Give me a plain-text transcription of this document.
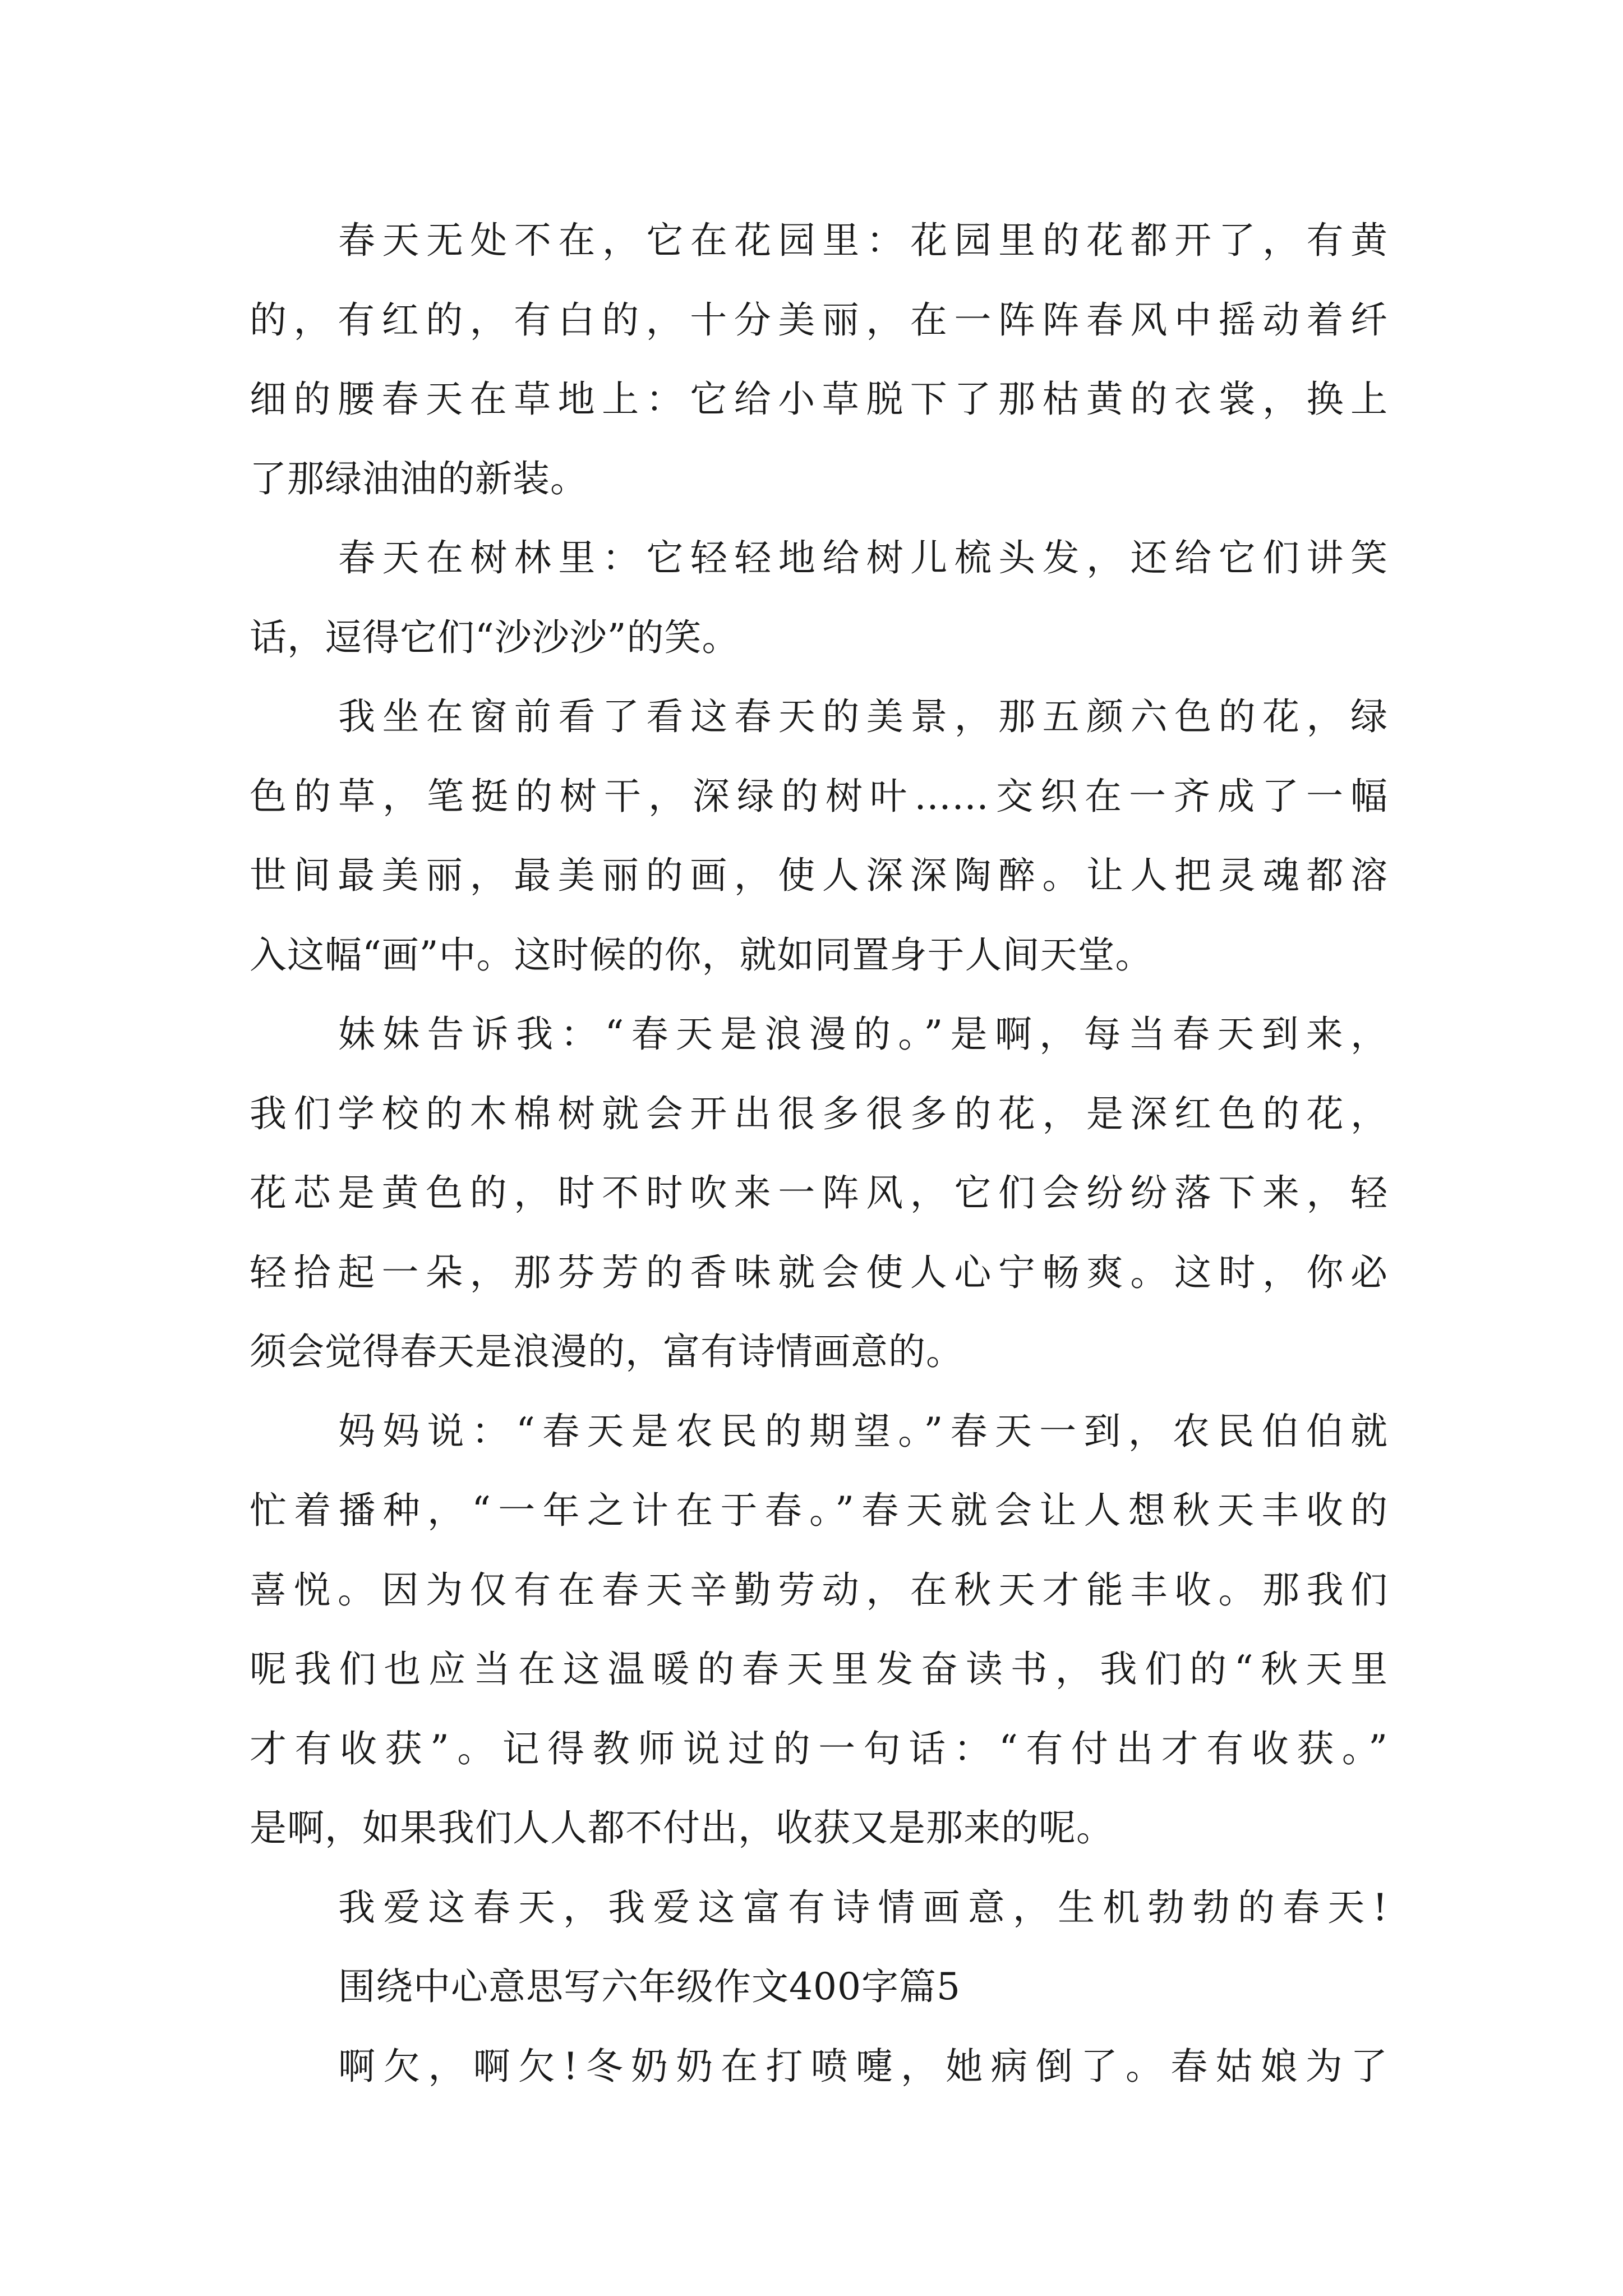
春天无处不在，它在花园里：花园里的花都开了，有黄
的，有红的，有白的，十分美丽，在一阵阵春风中摇动着纤
细的腰春天在草地上：它给小草脱下了那枯黄的衣裳，换上
了那绿油油的新装。
春天在树林里：它轻轻地给树儿梳头发，还给它们讲笑
话，逗得它们“沙沙沙”的笑。
我坐在窗前看了看这春天的美景，那五颜六色的花，绿
色的草，笔挺的树干，深绿的树叶……交织在一齐成了一幅
世间最美丽，最美丽的画，使人深深陶醉。让人把灵魂都溶
入这幅“画”中。这时候的你，就如同置身于人间天堂。
妹妹告诉我：“春天是浪漫的。”是啊，每当春天到来，
我们学校的木棉树就会开出很多很多的花，是深红色的花，
花芯是黄色的，时不时吹来一阵风，它们会纷纷落下来，轻
轻拾起一朵，那芬芳的香味就会使人心宁畅爽。这时，你必
须会觉得春天是浪漫的，富有诗情画意的。
妈妈说：“春天是农民的期望。”春天一到，农民伯伯就
忙着播种，“一年之计在于春。”春天就会让人想秋天丰收的
喜悦。因为仅有在春天辛勤劳动，在秋天才能丰收。那我们
呢我们也应当在这温暖的春天里发奋读书，我们的“秋天里
才有收获”。记得教师说过的一句话：“有付出才有收获。”
是啊，如果我们人人都不付出，收获又是那来的呢。
我爱这春天，我爱这富有诗情画意，生机勃勃的春天!
围绕中心意思写六年级作文400字篇5
啊欠，啊欠!冬奶奶在打喷嚏，她病倒了。春姑娘为了
